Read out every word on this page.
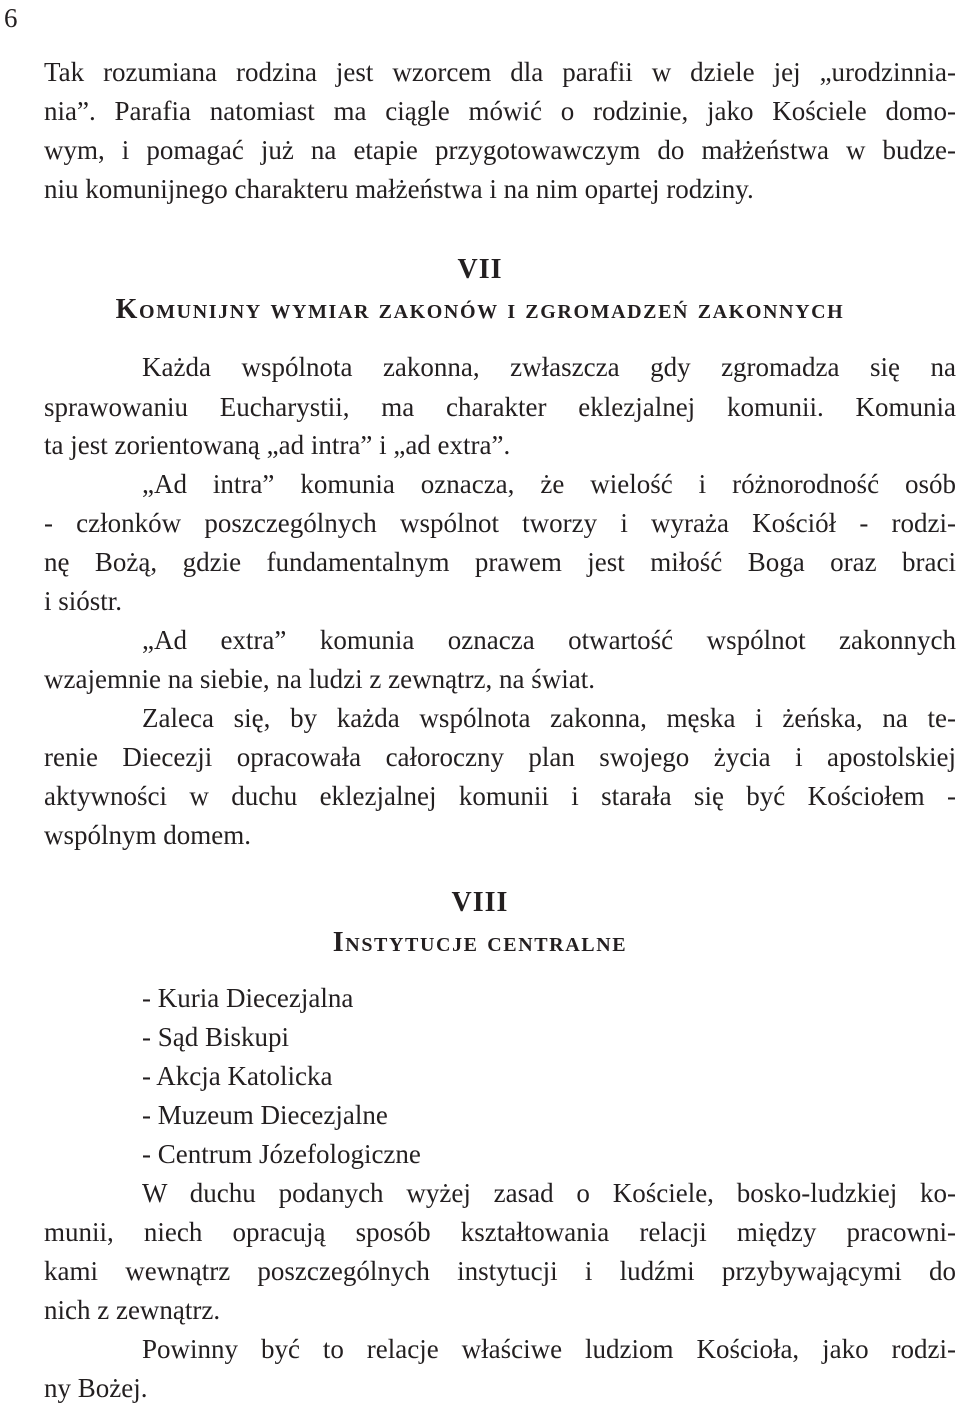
6
Tak rozumiana rodzina jest wzorcem dla parafii w dziele jej „urodzinnia-
nia”. Parafia natomiast ma ciągle mówić o rodzinie, jako Kościele domo-
wym, i pomagać już na etapie przygotowawczym do małżeństwa w budze-
niu komunijnego charakteru małżeństwa i na nim opartej rodziny.
VII
Komunijny wymiar zakonów i zgromadzeń zakonnych
Każda wspólnota zakonna, zwłaszcza gdy zgromadza się na
sprawowaniu Eucharystii, ma charakter eklezjalnej komunii. Komunia
ta jest zorientowaną „ad intra” i „ad extra”.
„Ad intra” komunia oznacza, że wielość i różnorodność osób
- członków poszczególnych wspólnot tworzy i wyraża Kościół - rodzi-
nę Bożą, gdzie fundamentalnym prawem jest miłość Boga oraz braci
i sióstr.
„Ad extra” komunia oznacza otwartość wspólnot zakonnych
wzajemnie na siebie, na ludzi z zewnątrz, na świat.
Zaleca się, by każda wspólnota zakonna, męska i żeńska, na te-
renie Diecezji opracowała całoroczny plan swojego życia i apostolskiej
aktywności w duchu eklezjalnej komunii i starała się być Kościołem -
wspólnym domem.
VIII
Instytucje centralne
- Kuria Diecezjalna
- Sąd Biskupi
- Akcja Katolicka
- Muzeum Diecezjalne
- Centrum Józefologiczne
W duchu podanych wyżej zasad o Kościele, bosko-ludzkiej ko-
munii, niech opracują sposób kształtowania relacji między pracowni-
kami wewnątrz poszczególnych instytucji i ludźmi przybywającymi do
nich z zewnątrz.
Powinny być to relacje właściwe ludziom Kościoła, jako rodzi-
ny Bożej.
